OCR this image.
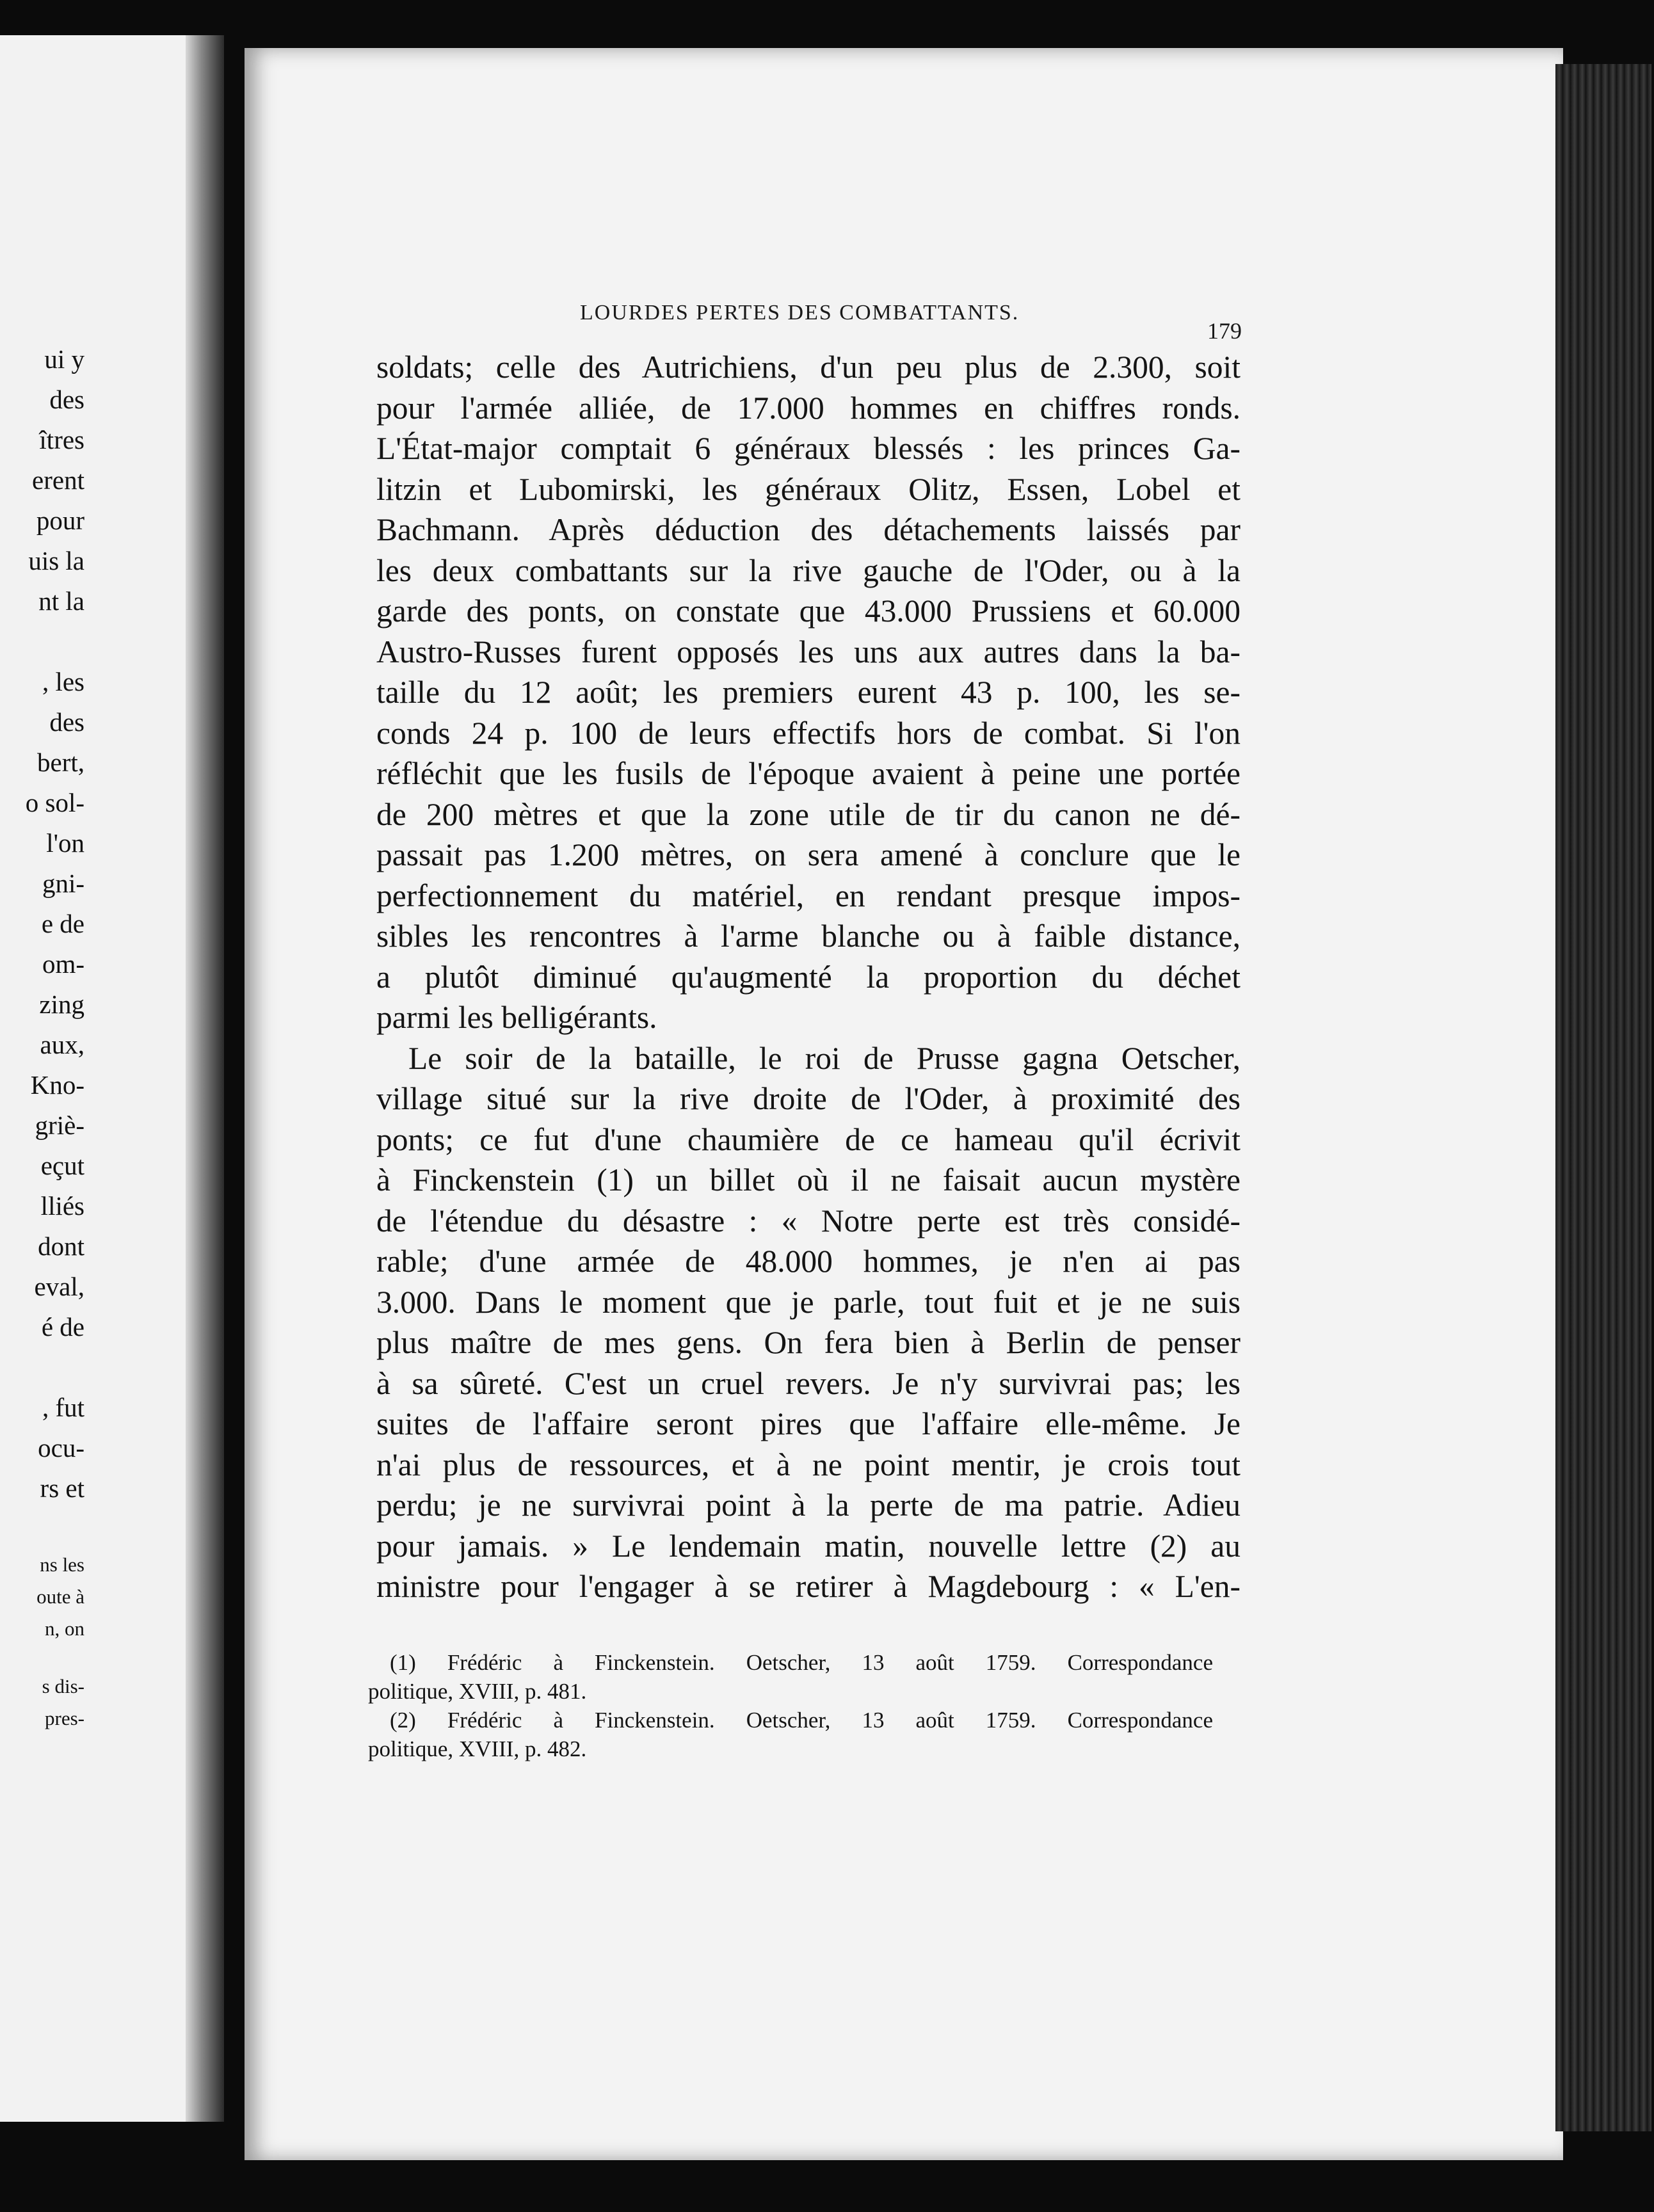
ui y
des
îtres
erent
pour
uis la
nt la
, les
des
bert,
o sol-
l'on
gni-
e de
om-
zing
aux,
Kno-
griè-
eçut
lliés
dont
eval,
é de
, fut
ocu-
rs et
ns les
oute à
n, on
s dis-
pres-
LOURDES PERTES DES COMBATTANTS.
179
soldats; celle des Autrichiens, d'un peu plus de 2.300, soit
pour l'armée alliée, de 17.000 hommes en chiffres ronds.
L'État-major comptait 6 généraux blessés : les princes Ga-
litzin et Lubomirski, les généraux Olitz, Essen, Lobel et
Bachmann. Après déduction des détachements laissés par
les deux combattants sur la rive gauche de l'Oder, ou à la
garde des ponts, on constate que 43.000 Prussiens et 60.000
Austro-Russes furent opposés les uns aux autres dans la ba-
taille du 12 août; les premiers eurent 43 p. 100, les se-
conds 24 p. 100 de leurs effectifs hors de combat. Si l'on
réfléchit que les fusils de l'époque avaient à peine une portée
de 200 mètres et que la zone utile de tir du canon ne dé-
passait pas 1.200 mètres, on sera amené à conclure que le
perfectionnement du matériel, en rendant presque impos-
sibles les rencontres à l'arme blanche ou à faible distance,
a plutôt diminué qu'augmenté la proportion du déchet
parmi les belligérants.
Le soir de la bataille, le roi de Prusse gagna Oetscher,
village situé sur la rive droite de l'Oder, à proximité des
ponts; ce fut d'une chaumière de ce hameau qu'il écrivit
à Finckenstein (1) un billet où il ne faisait aucun mystère
de l'étendue du désastre : « Notre perte est très considé-
rable; d'une armée de 48.000 hommes, je n'en ai pas
3.000. Dans le moment que je parle, tout fuit et je ne suis
plus maître de mes gens. On fera bien à Berlin de penser
à sa sûreté. C'est un cruel revers. Je n'y survivrai pas; les
suites de l'affaire seront pires que l'affaire elle-même. Je
n'ai plus de ressources, et à ne point mentir, je crois tout
perdu; je ne survivrai point à la perte de ma patrie. Adieu
pour jamais. » Le lendemain matin, nouvelle lettre (2) au
ministre pour l'engager à se retirer à Magdebourg : « L'en-
(1) Frédéric à Finckenstein. Oetscher, 13 août 1759. Correspondance
politique, XVIII, p. 481.
(2) Frédéric à Finckenstein. Oetscher, 13 août 1759. Correspondance
politique, XVIII, p. 482.
